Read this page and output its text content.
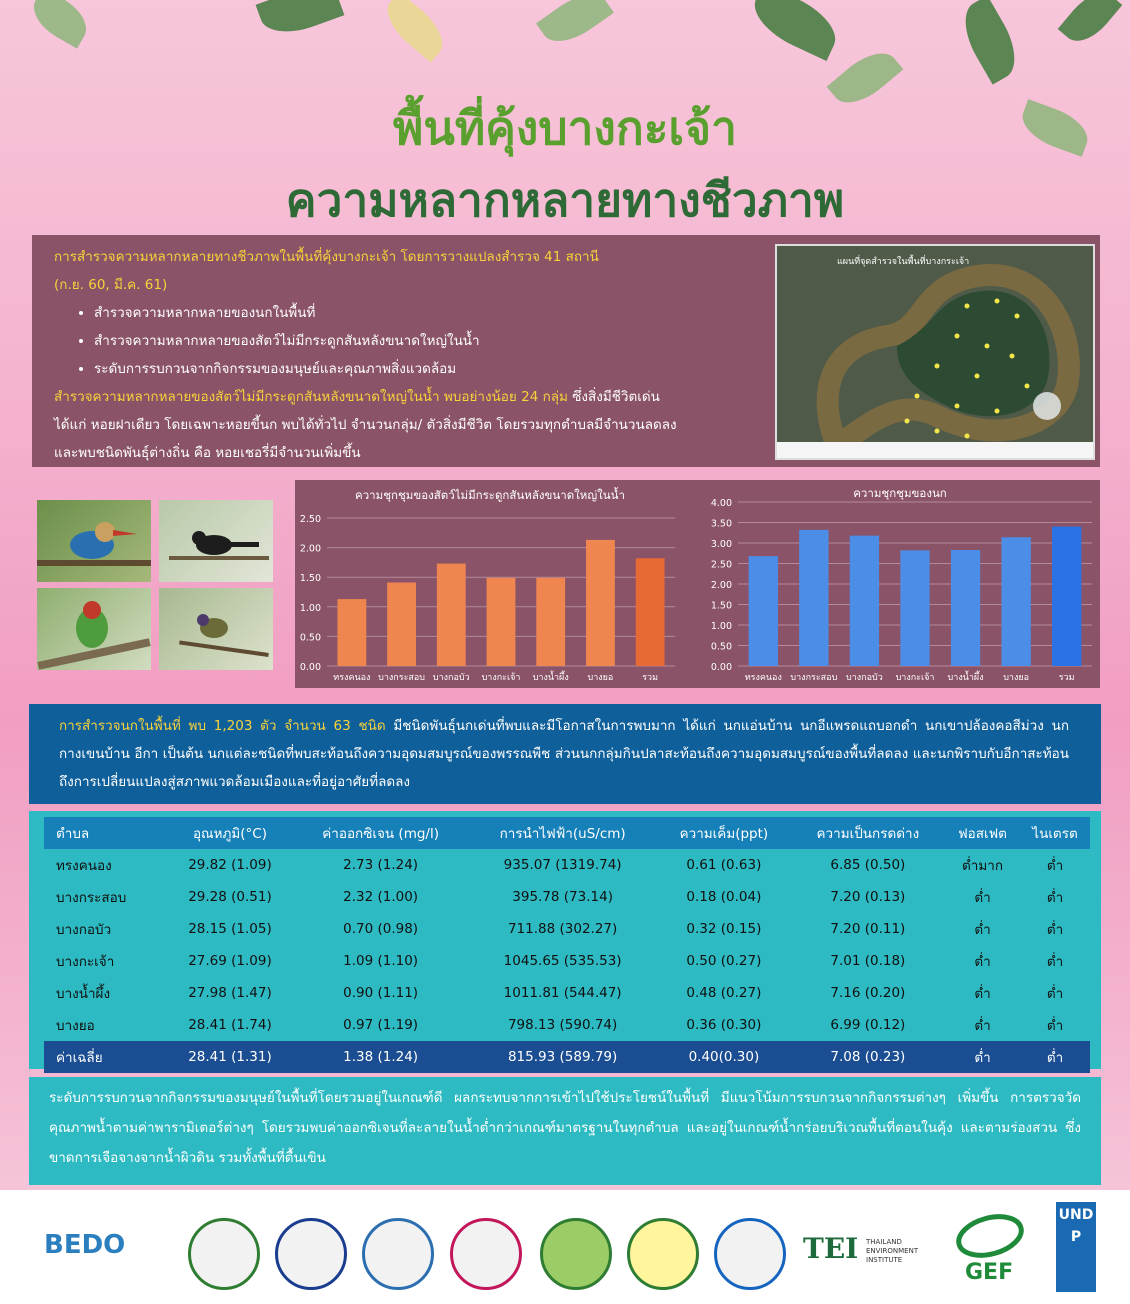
พื้นที่คุ้งบางกะเจ้า
ความหลากหลายทางชีวภาพ
การสำรวจความหลากหลายทางชีวภาพในพื้นที่คุ้งบางกะเจ้า โดยการวางแปลงสำรวจ 41 สถานี
(ก.ย. 60, มี.ค. 61)
• สำรวจความหลากหลายของนกในพื้นที่
• สำรวจความหลากหลายของสัตว์ไม่มีกระดูกสันหลังขนาดใหญ่ในน้ำ
• ระดับการรบกวนจากกิจกรรมของมนุษย์และคุณภาพสิ่งแวดล้อม
สำรวจความหลากหลายของสัตว์ไม่มีกระดูกสันหลังขนาดใหญ่ในน้ำ พบอย่างน้อย 24 กลุ่ม ซึ่งสิ่งมีชีวิตเด่น
ได้แก่ หอยฝาเดียว โดยเฉพาะหอยขี้นก พบได้ทั่วไป จำนวนกลุ่ม/ ตัวสิ่งมีชีวิต โดยรวมทุกตำบลมีจำนวนลดลง
และพบชนิดพันธุ์ต่างถิ่น คือ หอยเชอรี่มีจำนวนเพิ่มขึ้น
แผนที่จุดสำรวจในพื้นที่บางกระเจ้า
ความชุกชุมของสัตว์ไม่มีกระดูกสันหลังขนาดใหญ่ในน้ำ
0.00
0.50
1.00
1.50
2.00
2.50
ทรงคนอง บางกระสอบ บางกอบัว บางกะเจ้า บางน้ำผึ้ง บางยอ	รวม
ความชุกชุมของนก
0.00
0.50
1.00
1.50
2.00
2.50
3.00
3.50
4.00
ทรงคนอง บางกระสอบ บางกอบัว บางกะเจ้า บางน้ำผึ้ง บางยอ	รวม
การสำรวจนกในพื้นที่ พบ 1,203 ตัว จำนวน 63 ชนิด มีชนิดพันธุ์นกเด่นที่พบและมีโอกาสในการพบมาก ได้แก่ นกแอ่นบ้าน นกอีแพรดแถบอกดำ นกเขาปล้องคอสีม่วง นกกางเขนบ้าน อีกา เป็นต้น นกแต่ละชนิดที่พบสะท้อนถึงความอุดมสมบูรณ์ของพรรณพืช ส่วนนกกลุ่มกินปลาสะท้อนถึงความอุดมสมบูรณ์ของพื้นที่ลดลง และนกพิราบกับอีกาสะท้อนถึงการเปลี่ยนแปลงสู่สภาพแวดล้อมเมืองและที่อยู่อาศัยที่ลดลง
ตำบล	อุณหภูมิ(°C)	ค่าออกซิเจน (mg/l)	การนำไฟฟ้า(uS/cm)	ความเค็ม(ppt)	ความเป็นกรดด่าง	ฟอสเฟต	ไนเตรต
ทรงคนอง	29.82 (1.09)	2.73 (1.24)	935.07 (1319.74)	0.61 (0.63)	6.85 (0.50)	ต่ำมาก	ต่ำ
บางกระสอบ	29.28 (0.51)	2.32 (1.00)	395.78 (73.14)	0.18 (0.04)	7.20 (0.13)	ต่ำ	ต่ำ
บางกอบัว	28.15 (1.05)	0.70 (0.98)	711.88 (302.27)	0.32 (0.15)	7.20 (0.11)	ต่ำ	ต่ำ
บางกะเจ้า	27.69 (1.09)	1.09 (1.10)	1045.65 (535.53)	0.50 (0.27)	7.01 (0.18)	ต่ำ	ต่ำ
บางน้ำผึ้ง	27.98 (1.47)	0.90 (1.11)	1011.81 (544.47)	0.48 (0.27)	7.16 (0.20)	ต่ำ	ต่ำ
บางยอ	28.41 (1.74)	0.97 (1.19)	798.13 (590.74)	0.36 (0.30)	6.99 (0.12)	ต่ำ	ต่ำ
ค่าเฉลี่ย	28.41 (1.31)	1.38 (1.24)	815.93 (589.79)	0.40(0.30)	7.08 (0.23)	ต่ำ	ต่ำ
ระดับการรบกวนจากกิจกรรมของมนุษย์ในพื้นที่โดยรวมอยู่ในเกณฑ์ดี ผลกระทบจากการเข้าไปใช้ประโยชน์ในพื้นที่ มีแนวโน้มการรบกวนจากกิจกรรมต่างๆ เพิ่มขึ้น การตรวจวัดคุณภาพน้ำตามค่าพารามิเตอร์ต่างๆ โดยรวมพบค่าออกซิเจนที่ละลายในน้ำต่ำกว่าเกณฑ์มาตรฐานในทุกตำบล และอยู่ในเกณฑ์น้ำกร่อยบริเวณพื้นที่ตอนในคุ้ง และตามร่องสวน ซึ่งขาดการเจือจางจากน้ำผิวดิน รวมทั้งพื้นที่ตื้นเขิน
BEDO	TEI THAILAND ENVIRONMENT INSTITUTE	GEF
UNDP
